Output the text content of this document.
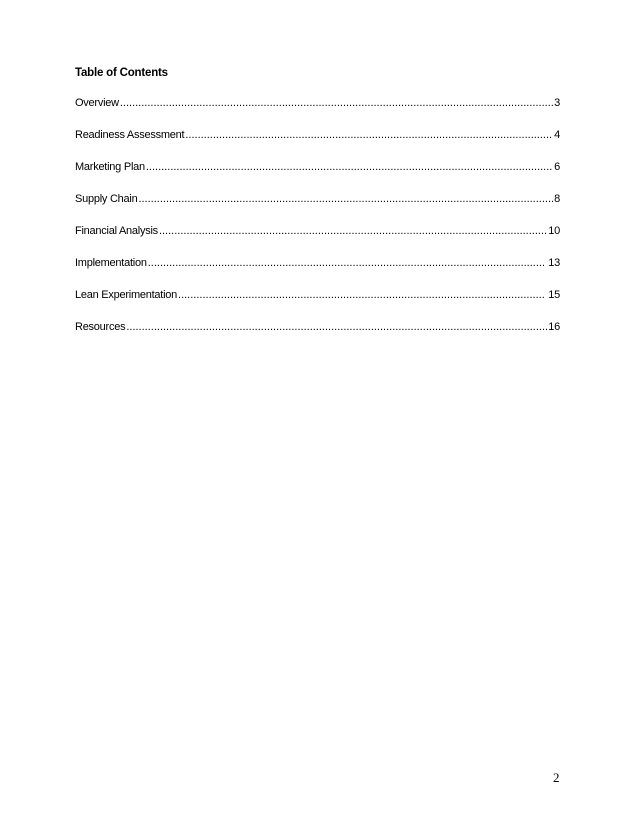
Table of Contents
Overview .....	3
Readiness Assessment .....	4
Marketing Plan .....	6
Supply Chain .....	8
Financial Analysis .....	10
Implementation .....	13
Lean Experimentation .....	15
Resources .....	16
2
